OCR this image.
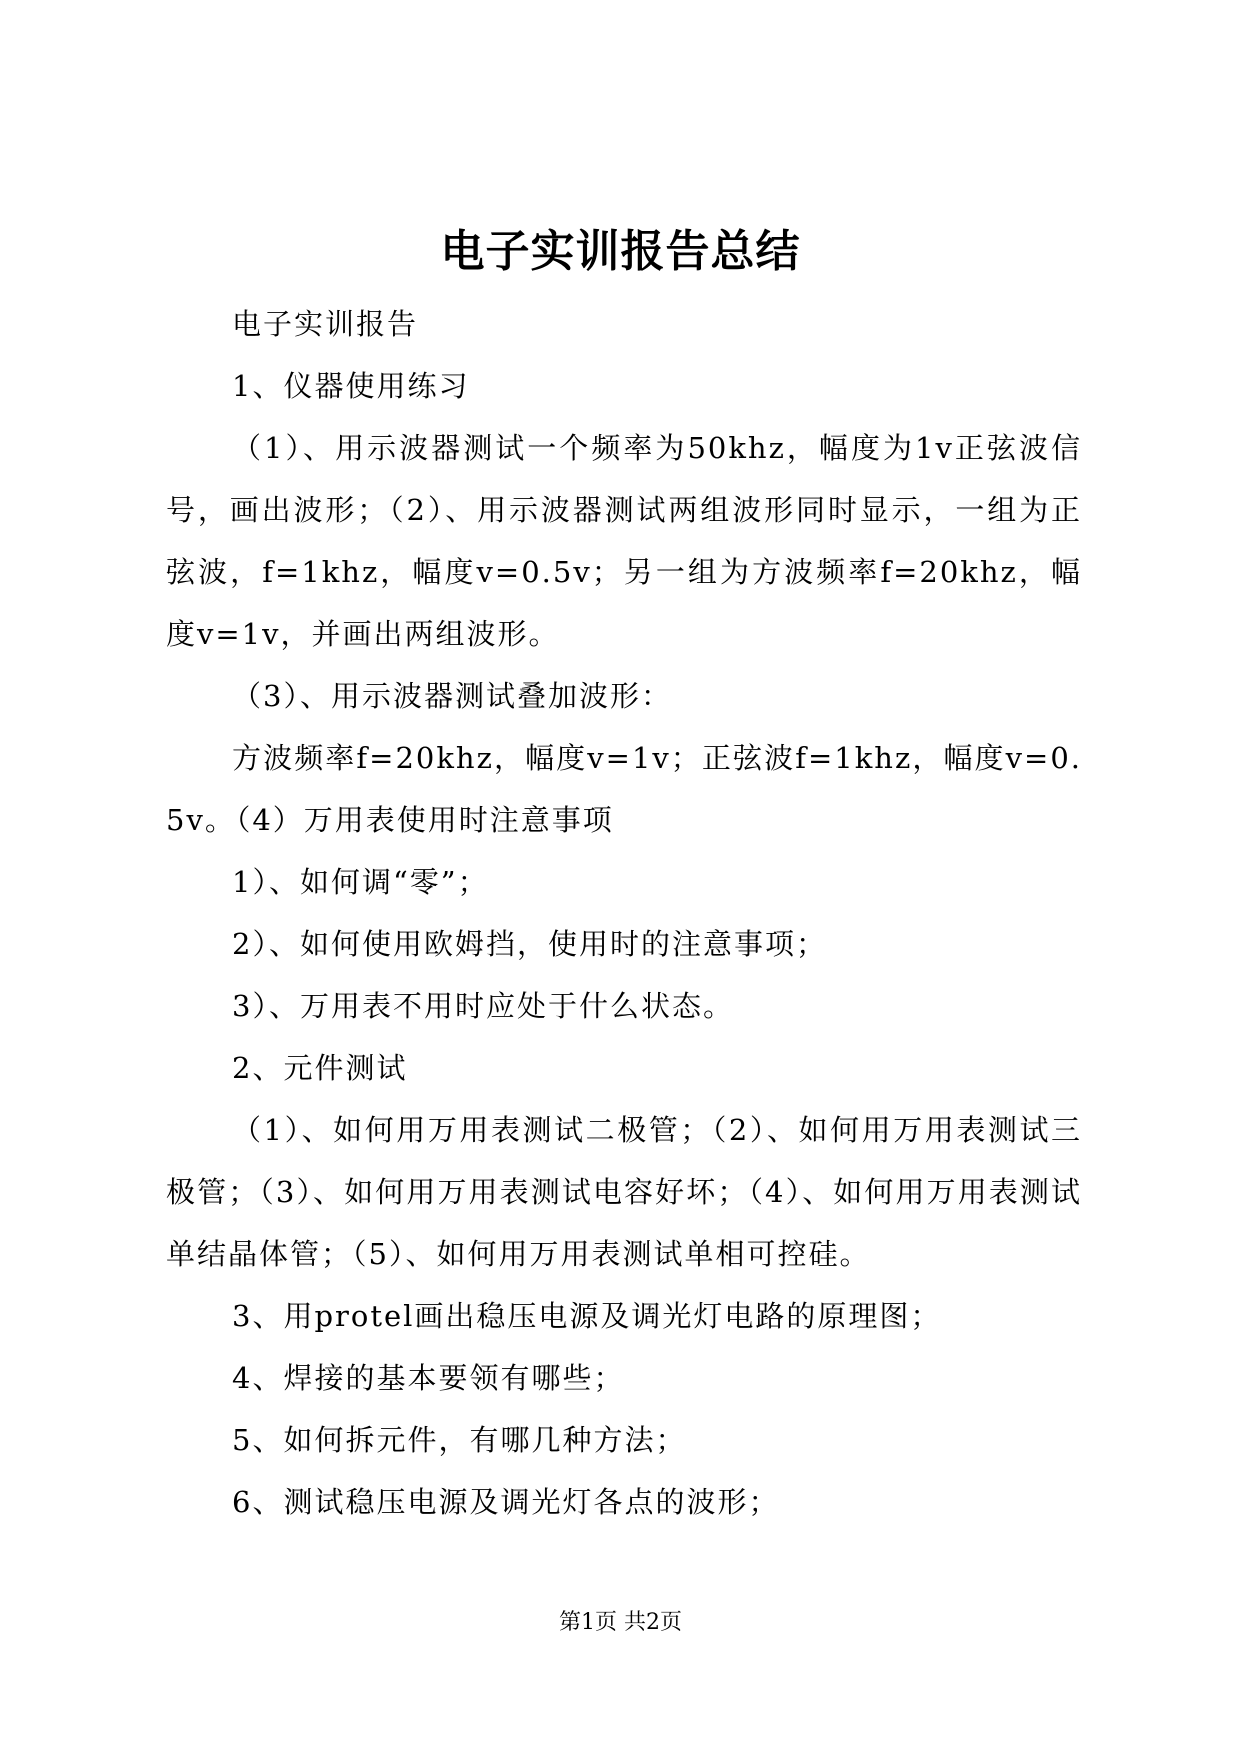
电子实训报告总结

电子实训报告

1、仪器使用练习

（1）、用示波器测试一个频率为50khz，幅度为1v正弦波信号，画出波形；（2）、用示波器测试两组波形同时显示，一组为正弦波，f=1khz，幅度v=0.5v；另一组为方波频率f=20khz，幅度v=1v，并画出两组波形。

（3）、用示波器测试叠加波形：

方波频率f=20khz，幅度v=1v；正弦波f=1khz，幅度v=0.5v。（4）万用表使用时注意事项

1）、如何调“零”；

2）、如何使用欧姆挡，使用时的注意事项；

3）、万用表不用时应处于什么状态。

2、元件测试

（1）、如何用万用表测试二极管；（2）、如何用万用表测试三极管；（3）、如何用万用表测试电容好坏；（4）、如何用万用表测试单结晶体管；（5）、如何用万用表测试单相可控硅。

3、用protel画出稳压电源及调光灯电路的原理图；

4、焊接的基本要领有哪些；

5、如何拆元件，有哪几种方法；

6、测试稳压电源及调光灯各点的波形；

第1页 共2页
